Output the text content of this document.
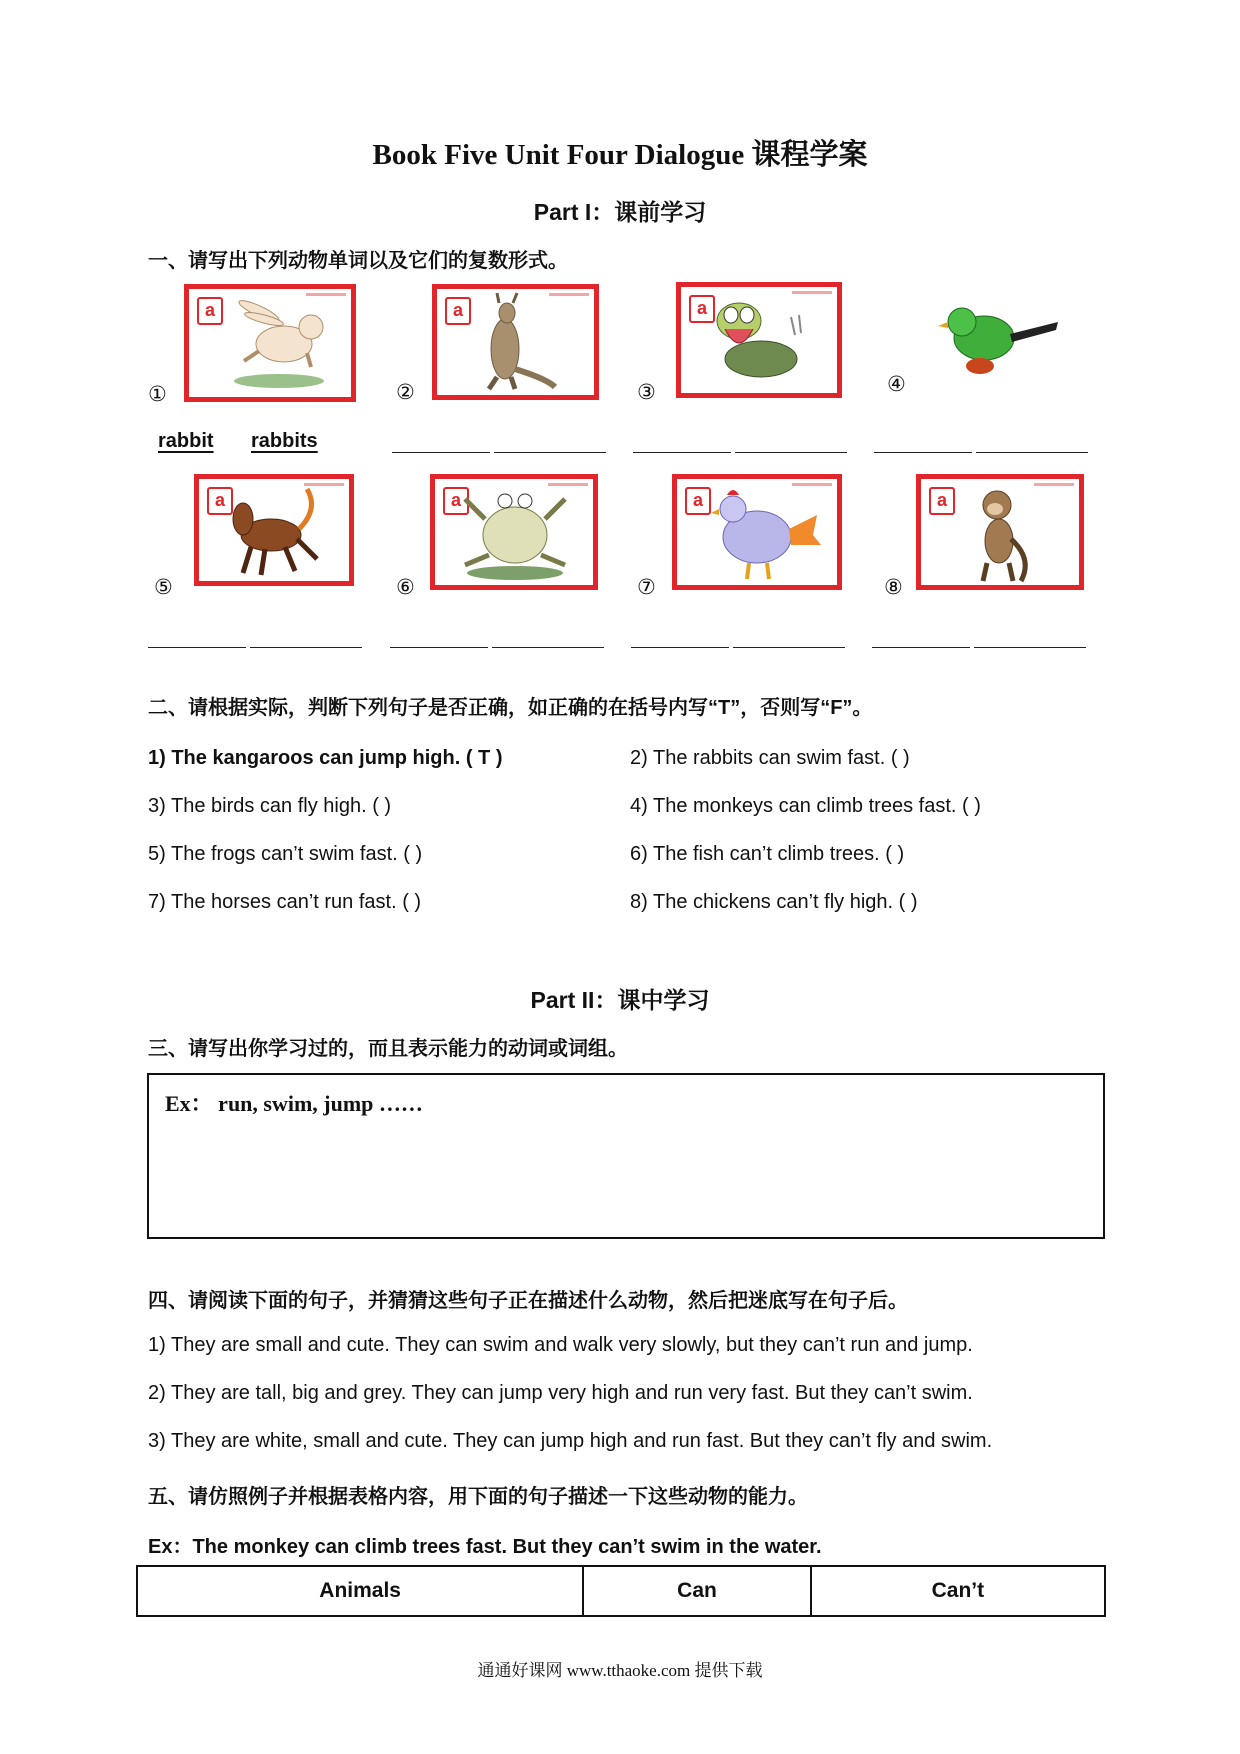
Book Five Unit Four Dialogue 课程学案
Part I：课前学习
一、请写出下列动物单词以及它们的复数形式。
a	a	a
①	②	③	④
rabbit rabbits
a	a	a	a
⑤	⑥	⑦	⑧
二、请根据实际，判断下列句子是否正确，如正确的在括号内写“T”，否则写“F”。
1) The kangaroos can jump high. ( T )	2) The rabbits can swim fast. ( )
3) The birds can fly high. ( )	4) The monkeys can climb trees fast. ( )
5) The frogs can’t swim fast. ( )	6) The fish can’t climb trees. ( )
7) The horses can’t run fast. ( )	8) The chickens can’t fly high. ( )
Part II：课中学习
三、请写出你学习过的，而且表示能力的动词或词组。
Ex： run, swim, jump ……
四、请阅读下面的句子，并猜猜这些句子正在描述什么动物，然后把迷底写在句子后。
1) They are small and cute. They can swim and walk very slowly, but they can’t run and jump.
2) They are tall, big and grey. They can jump very high and run very fast. But they can’t swim.
3) They are white, small and cute. They can jump high and run fast. But they can’t fly and swim.
五、请仿照例子并根据表格内容，用下面的句子描述一下这些动物的能力。
Ex：The monkey can climb trees fast. But they can’t swim in the water.
Animals	Can	Can’t
通通好课网 www.tthaoke.com 提供下载
